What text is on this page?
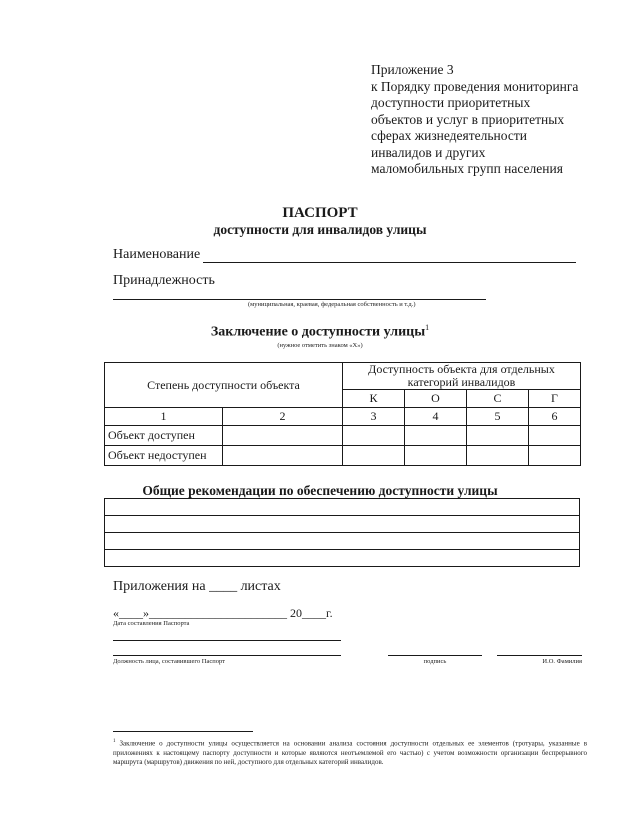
Приложение 3
к Порядку проведения мониторинга
доступности приоритетных
объектов и услуг в приоритетных
сферах жизнедеятельности
инвалидов и других
маломобильных групп населения
ПАСПОРТ
доступности для инвалидов улицы
Наименование
Принадлежность
(муниципальная, краевая, федеральная собственность и т.д.)
Заключение о доступности улицы$^1$
(нужное отметить знаком «Х»)
Степень доступности объекта		Доступность объекта для отдельных категорий инвалидов			

		К	О	С	Г
1	2	3	4	5	6
Объект доступен					
Объект недоступен					
Общие рекомендации по обеспечению доступности улицы

Приложения на ____ листах
«____»_______________________ 20____г.
Дата составления Паспорта
Должность лица, составившего Паспорт	подпись	И.О. Фамилия
$^1$ Заключение о доступности улицы осуществляется на основании анализа состояния доступности отдельных ее элементов (тротуары, указанные в приложениях к настоящему паспорту доступности и которые являются неотъемлемой его частью) с учетом возможности организации беспрерывного маршрута (маршрутов) движения по ней, доступного для отдельных категорий инвалидов.
